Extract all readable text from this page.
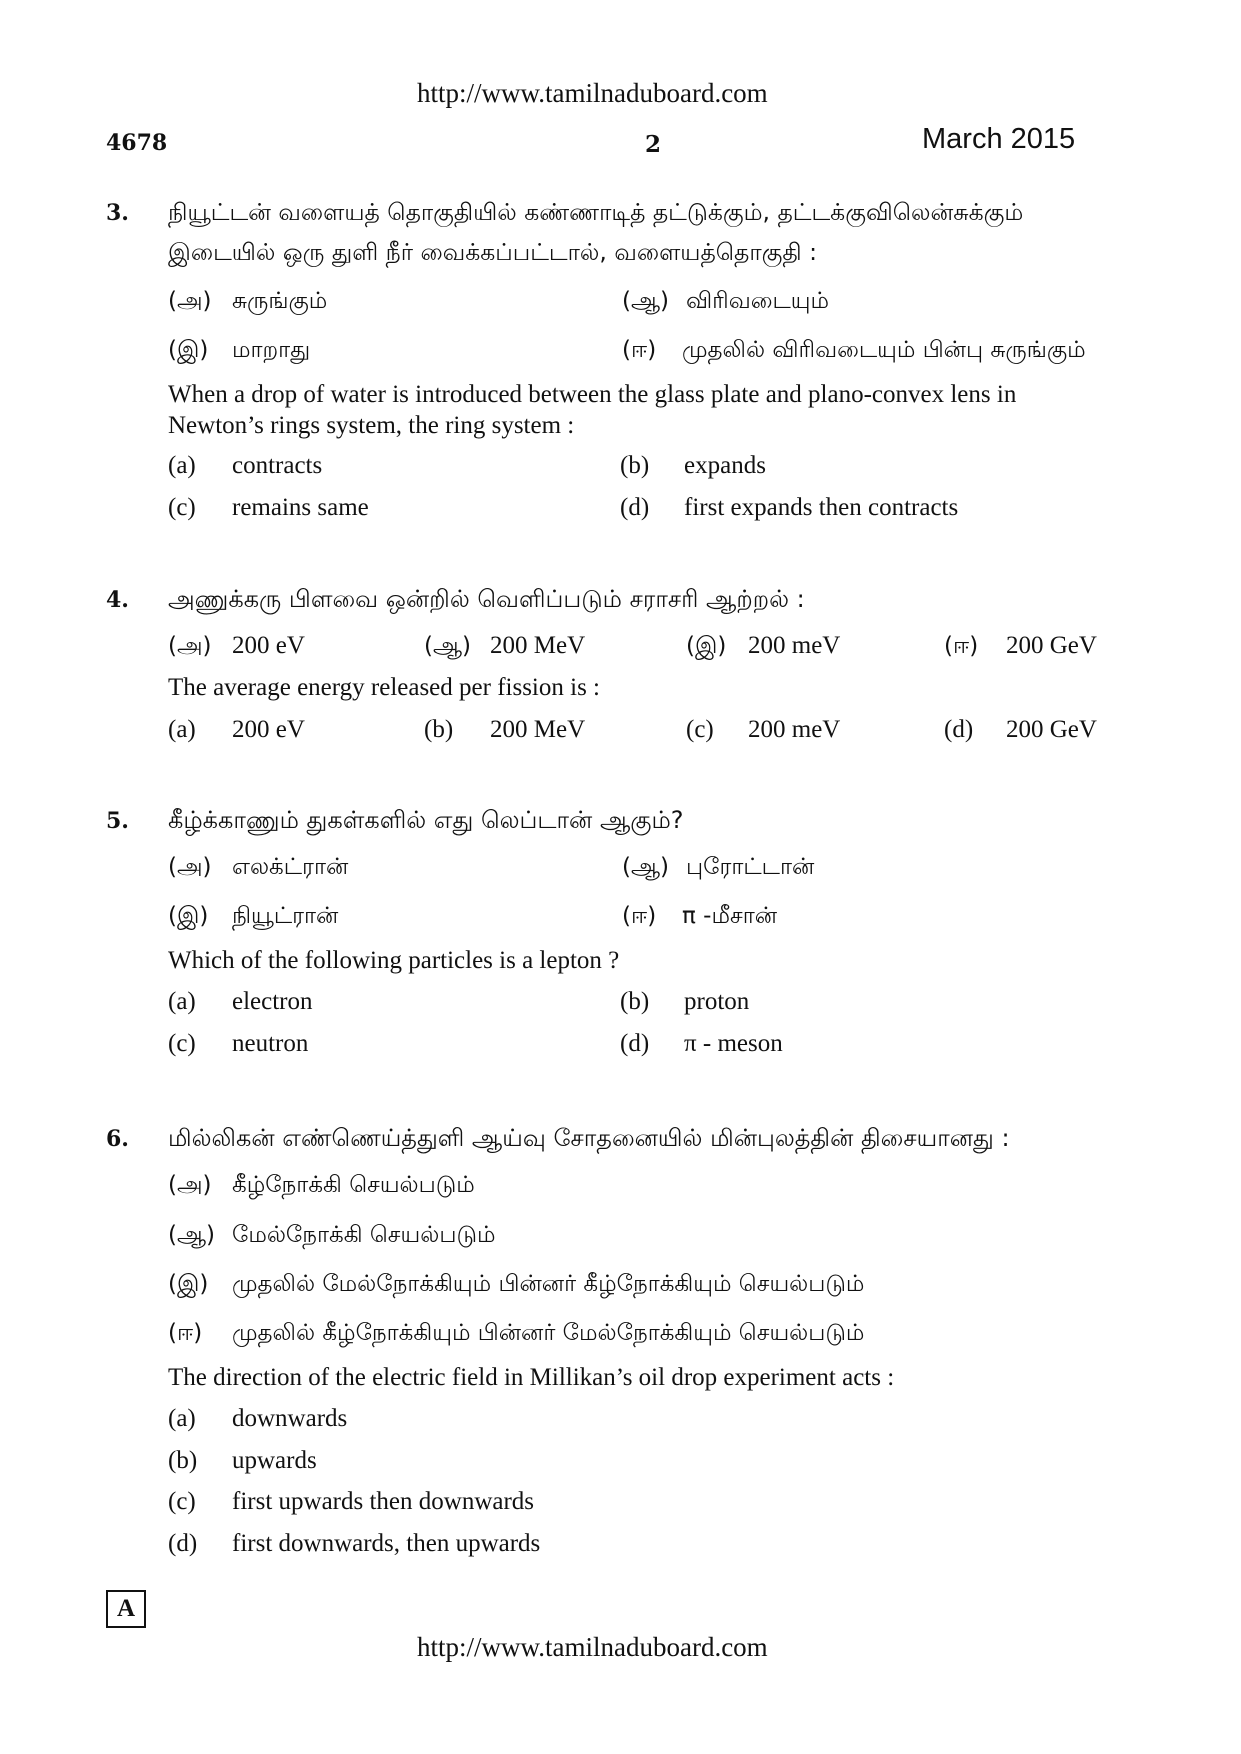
http://www.tamilnaduboard.com
4678	2	March 2015
3. நியூட்டன் வளையத் தொகுதியில் கண்ணாடித் தட்டுக்கும், தட்டக்குவிலென்சுக்கும்
இடையில் ஒரு துளி நீர் வைக்கப்பட்டால், வளையத்தொகுதி :
(அ) சுருங்கும்	(ஆ) விரிவடையும்
(இ) மாறாது	(ஈ) முதலில் விரிவடையும் பின்பு சுருங்கும்
When a drop of water is introduced between the glass plate and plano-convex lens in
Newton’s rings system, the ring system :
(a) contracts	(b) expands
(c) remains same	(d) first expands then contracts
4. அணுக்கரு பிளவை ஒன்றில் வெளிப்படும் சராசரி ஆற்றல் :
(அ) 200 eV	(ஆ) 200 MeV	(இ) 200 meV	(ஈ) 200 GeV
The average energy released per fission is :
(a) 200 eV	(b) 200 MeV	(c) 200 meV	(d) 200 GeV
5. கீழ்க்காணும் துகள்களில் எது லெப்டான் ஆகும்?
(அ) எலக்ட்ரான்	(ஆ) புரோட்டான்
(இ) நியூட்ரான்	(ஈ) π -மீசான்
Which of the following particles is a lepton ?
(a) electron	(b) proton
(c) neutron	(d) π - meson
6. மில்லிகன் எண்ணெய்த்துளி ஆய்வு சோதனையில் மின்புலத்தின் திசையானது :
(அ) கீழ்நோக்கி செயல்படும்
(ஆ) மேல்நோக்கி செயல்படும்
(இ) முதலில் மேல்நோக்கியும் பின்னர் கீழ்நோக்கியும் செயல்படும்
(ஈ) முதலில் கீழ்நோக்கியும் பின்னர் மேல்நோக்கியும் செயல்படும்
The direction of the electric field in Millikan’s oil drop experiment acts :
(a) downwards
(b) upwards
(c) first upwards then downwards
(d) first downwards, then upwards
A
http://www.tamilnaduboard.com
